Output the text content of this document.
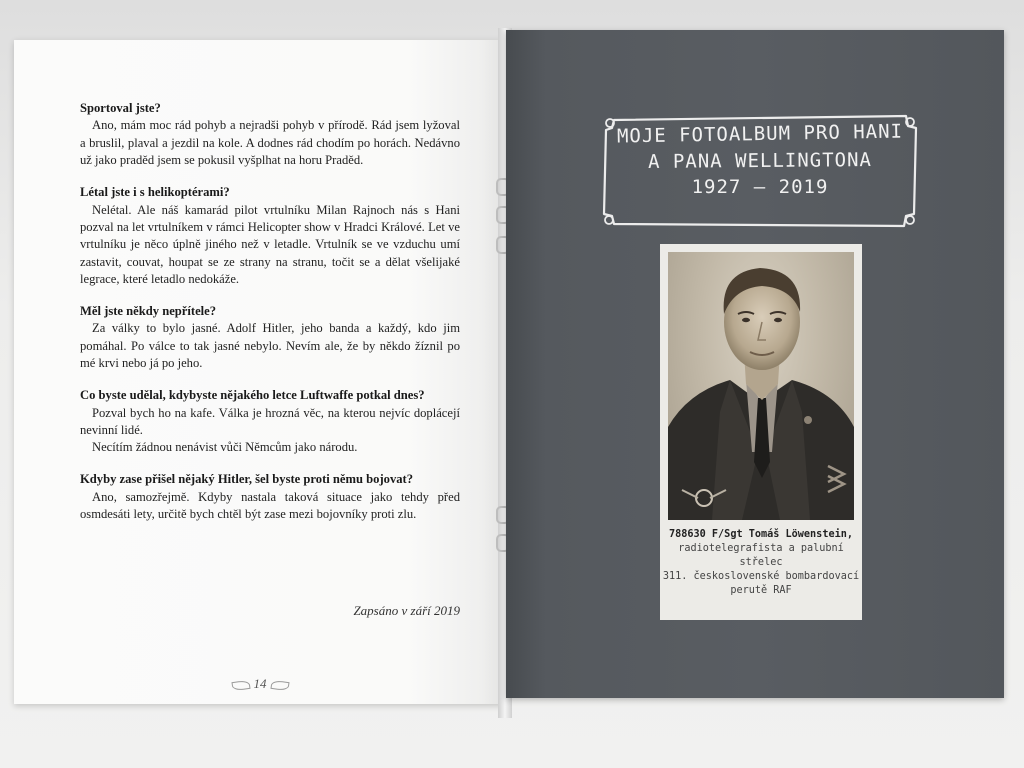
Sportoval jste?
Ano, mám moc rád pohyb a nejradši pohyb v přírodě. Rád jsem lyžoval a bruslil, plaval a jezdil na kole. A dodnes rád chodím po horách. Nedávno už jako praděd jsem se pokusil vyšplhat na horu Praděd.
Létal jste i s helikoptérami?
Nelétal. Ale náš kamarád pilot vrtulníku Milan Rajnoch nás s Hani pozval na let vrtulníkem v rámci Helicopter show v Hradci Králové. Let ve vrtulníku je něco úplně jiného než v letadle. Vrtulník se ve vzduchu umí zastavit, couvat, houpat se ze strany na stranu, točit se a dělat všelijaké legrace, které letadlo nedokáže.
Měl jste někdy nepřítele?
Za války to bylo jasné. Adolf Hitler, jeho banda a každý, kdo jim pomáhal. Po válce to tak jasné nebylo. Nevím ale, že by někdo žíznil po mé krvi nebo já po jeho.
Co byste udělal, kdybyste nějakého letce Luftwaffe potkal dnes?
Pozval bych ho na kafe. Válka je hrozná věc, na kterou nejvíc doplácejí nevinní lidé.
Necítím žádnou nenávist vůči Němcům jako národu.
Kdyby zase přišel nějaký Hitler, šel byste proti němu bojovat?
Ano, samozřejmě. Kdyby nastala taková situace jako tehdy před osmdesáti lety, určitě bych chtěl být zase mezi bojovníky proti zlu.
Zapsáno v září 2019
14
MOJE FOTOALBUM PRO HANI
A PANA WELLINGTONA
1927 – 2019
788630 F/Sgt Tomáš Löwenstein,
radiotelegrafista a palubní střelec
311. československé bombardovací
perutě RAF
